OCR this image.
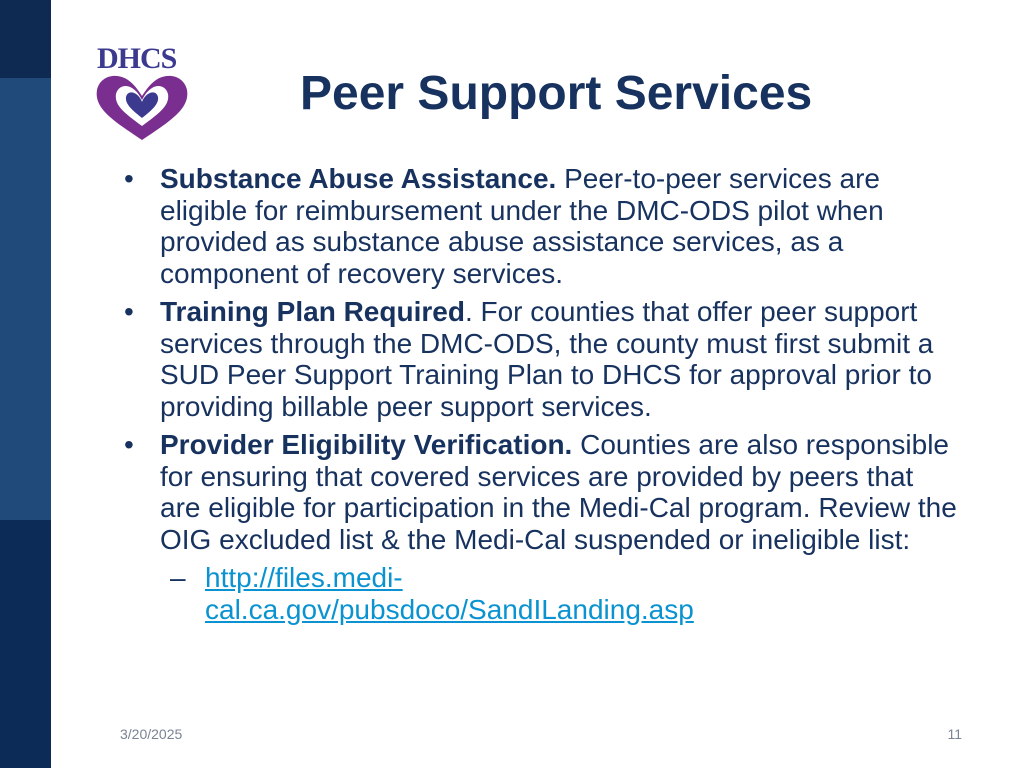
DHCS
Peer Support Services
• Substance Abuse Assistance. Peer-to-peer services are eligible for reimbursement under the DMC-ODS pilot when provided as substance abuse assistance services, as a component of recovery services.
• Training Plan Required. For counties that offer peer support services through the DMC-ODS, the county must first submit a SUD Peer Support Training Plan to DHCS for approval prior to providing billable peer support services.
• Provider Eligibility Verification. Counties are also responsible for ensuring that covered services are provided by peers that are eligible for participation in the Medi-Cal program. Review the OIG excluded list & the Medi-Cal suspended or ineligible list:
– http://files.medi-
cal.ca.gov/pubsdoco/SandILanding.asp
3/20/2025	11
